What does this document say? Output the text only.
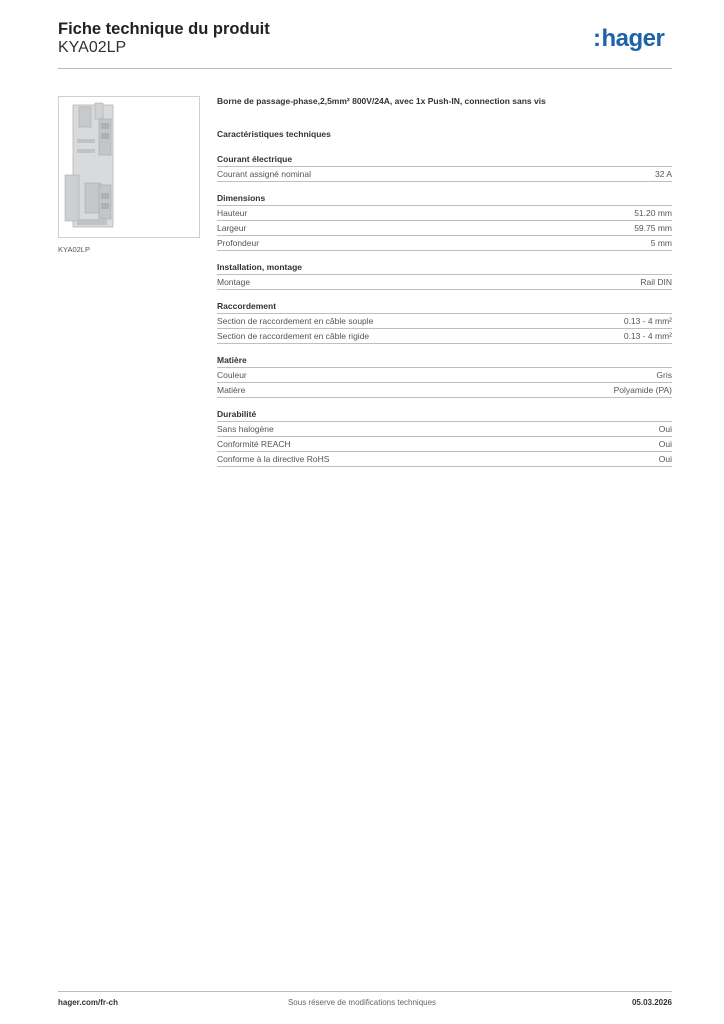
Fiche technique du produit
KYA02LP	:hager
KYA02LP
Borne de passage-phase,2,5mm² 800V/24A, avec 1x Push-IN, connection sans vis
Caractéristiques techniques
Courant électrique
Courant assigné nominal	32 A
Dimensions
Hauteur	51.20 mm
Largeur	59.75 mm
Profondeur	5 mm
Installation, montage
Montage	Rail DIN
Raccordement
Section de raccordement en câble souple	0.13 - 4 mm²
Section de raccordement en câble rigide	0.13 - 4 mm²
Matière
Couleur	Gris
Matière	Polyamide (PA)
Durabilité
Sans halogène	Oui
Conformité REACH	Oui
Conforme à la directive RoHS	Oui
hager.com/fr-ch	Sous réserve de modifications techniques	05.03.2026
